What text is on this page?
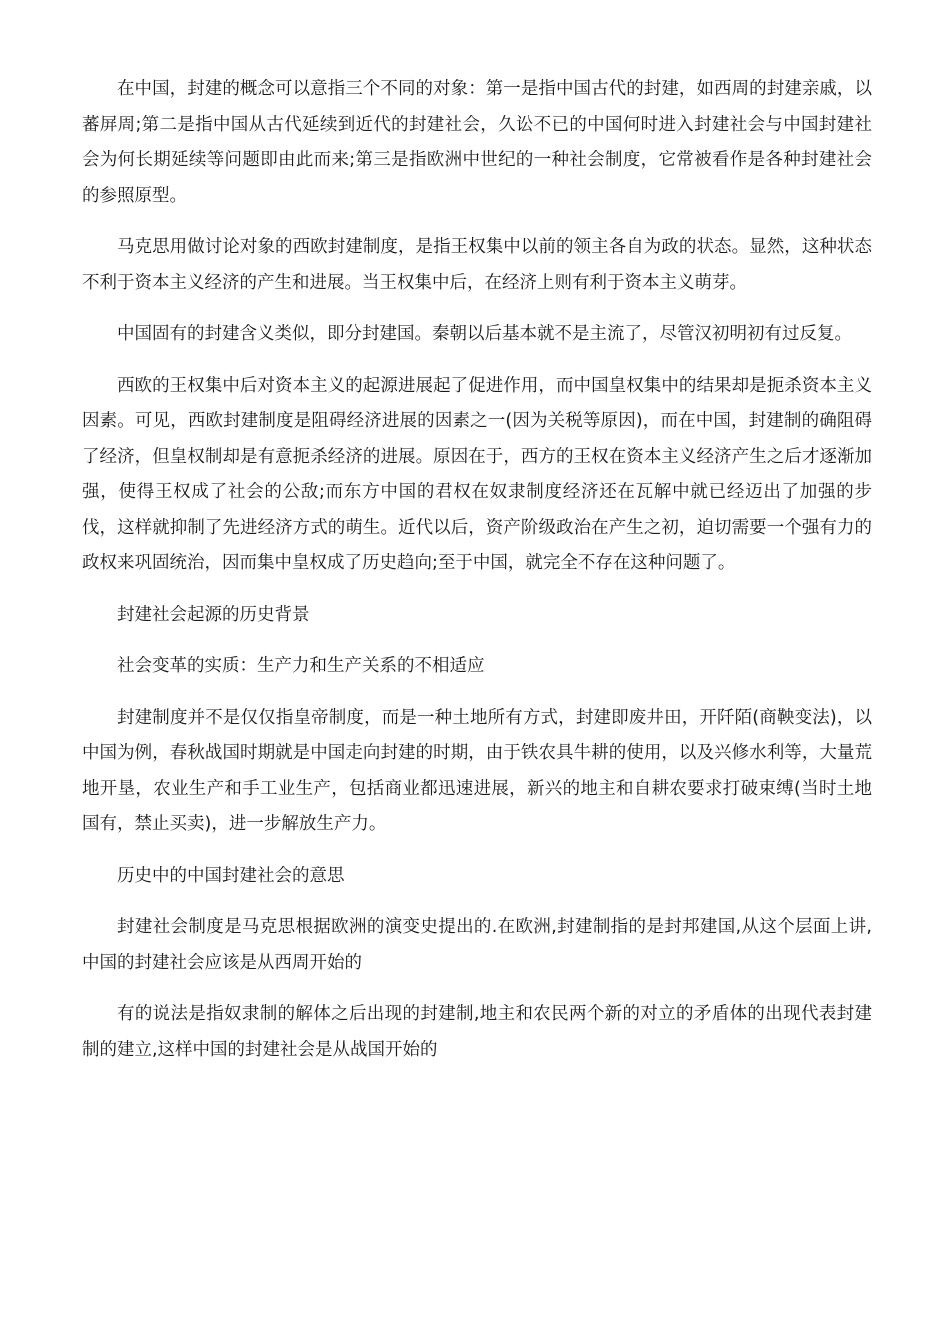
在中国，封建的概念可以意指三个不同的对象：第一是指中国古代的封建，如西周的封建亲戚，以蕃屏周;第二是指中国从古代延续到近代的封建社会，久讼不已的中国何时进入封建社会与中国封建社会为何长期延续等问题即由此而来;第三是指欧洲中世纪的一种社会制度，它常被看作是各种封建社会的参照原型。

马克思用做讨论对象的西欧封建制度，是指王权集中以前的领主各自为政的状态。显然，这种状态不利于资本主义经济的产生和进展。当王权集中后，在经济上则有利于资本主义萌芽。

中国固有的封建含义类似，即分封建国。秦朝以后基本就不是主流了，尽管汉初明初有过反复。

西欧的王权集中后对资本主义的起源进展起了促进作用，而中国皇权集中的结果却是扼杀资本主义因素。可见，西欧封建制度是阻碍经济进展的因素之一(因为关税等原因)，而在中国，封建制的确阻碍了经济，但皇权制却是有意扼杀经济的进展。原因在于，西方的王权在资本主义经济产生之后才逐渐加强，使得王权成了社会的公敌;而东方中国的君权在奴隶制度经济还在瓦解中就已经迈出了加强的步伐，这样就抑制了先进经济方式的萌生。近代以后，资产阶级政治在产生之初，迫切需要一个强有力的政权来巩固统治，因而集中皇权成了历史趋向;至于中国，就完全不存在这种问题了。

封建社会起源的历史背景

社会变革的实质：生产力和生产关系的不相适应

封建制度并不是仅仅指皇帝制度，而是一种土地所有方式，封建即废井田，开阡陌(商鞅变法)，以中国为例，春秋战国时期就是中国走向封建的时期，由于铁农具牛耕的使用，以及兴修水利等，大量荒地开垦，农业生产和手工业生产，包括商业都迅速进展，新兴的地主和自耕农要求打破束缚(当时土地国有，禁止买卖)，进一步解放生产力。

历史中的中国封建社会的意思

封建社会制度是马克思根据欧洲的演变史提出的.在欧洲,封建制指的是封邦建国,从这个层面上讲,中国的封建社会应该是从西周开始的

有的说法是指奴隶制的解体之后出现的封建制,地主和农民两个新的对立的矛盾体的出现代表封建制的建立,这样中国的封建社会是从战国开始的
